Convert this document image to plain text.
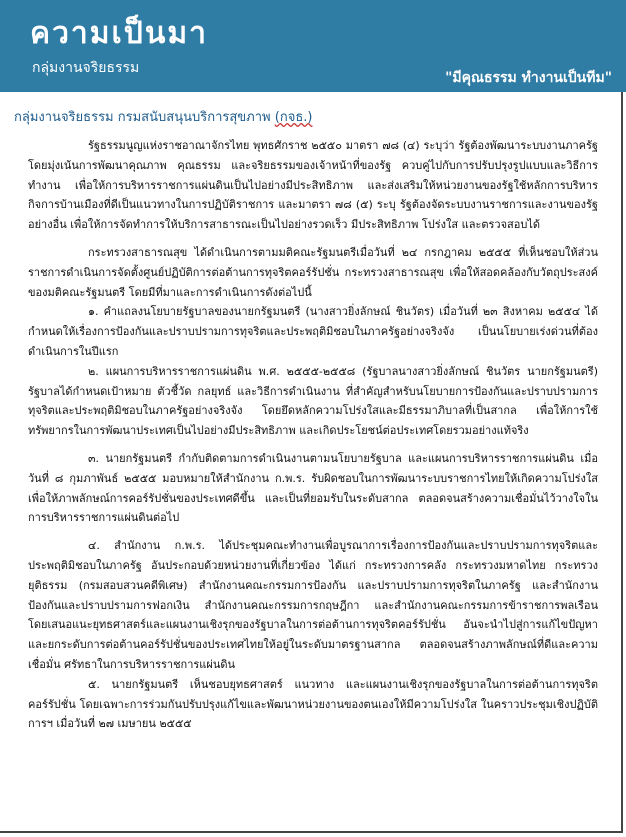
ความเป็นมา
กลุ่มงานจริยธรรม
"มีคุณธรรม ทำงานเป็นทีม"
กลุ่มงานจริยธรรม กรมสนับสนุนบริการสุขภาพ (กจธ.)

รัฐธรรมนูญแห่งราชอาณาจักรไทย พุทธศักราช ๒๕๕๐ มาตรา ๗๘ (๔) ระบุว่า รัฐต้องพัฒนาระบบงานภาครัฐ โดยมุ่งเน้นการพัฒนาคุณภาพ คุณธรรม และจริยธรรมของเจ้าหน้าที่ของรัฐ ควบคู่ไปกับการปรับปรุงรูปแบบและวิธีการทำงาน เพื่อให้การบริหารราชการแผ่นดินเป็นไปอย่างมีประสิทธิภาพ และส่งเสริมให้หน่วยงานของรัฐใช้หลักการบริหารกิจการบ้านเมืองที่ดีเป็นแนวทางในการปฏิบัติราชการ และมาตรา ๗๘ (๕) ระบุ รัฐต้องจัดระบบงานราชการและงานของรัฐอย่างอื่น เพื่อให้การจัดทำการให้บริการสาธารณะเป็นไปอย่างรวดเร็ว มีประสิทธิภาพ โปร่งใส และตรวจสอบได้

กระทรวงสาธารณสุข ได้ดำเนินการตามมติคณะรัฐมนตรีเมื่อวันที่ ๒๔ กรกฎาคม ๒๕๕๕ ที่เห็นชอบให้ส่วนราชการดำเนินการจัดตั้งศูนย์ปฏิบัติการต่อต้านการทุจริตคอร์รัปชั่น กระทรวงสาธารณสุข เพื่อให้สอดคล้องกับวัตถุประสงค์ของมติคณะรัฐมนตรี โดยมีที่มาและการดำเนินการดังต่อไปนี้

๑. คำแถลงนโยบายรัฐบาลของนายกรัฐมนตรี (นางสาวยิ่งลักษณ์ ชินวัตร) เมื่อวันที่ ๒๓ สิงหาคม ๒๕๕๔ ได้กำหนดให้เรื่องการป้องกันและปราบปรามการทุจริตและประพฤติมิชอบในภาครัฐอย่างจริงจัง เป็นนโยบายเร่งด่วนที่ต้องดำเนินการในปีแรก

๒. แผนการบริหารราชการแผ่นดิน พ.ศ. ๒๕๕๕-๒๕๕๘ (รัฐบาลนางสาวยิ่งลักษณ์ ชินวัตร นายกรัฐมนตรี) รัฐบาลได้กำหนดเป้าหมาย ตัวชี้วัด กลยุทธ์ และวิธีการดำเนินงาน ที่สำคัญสำหรับนโยบายการป้องกันและปราบปรามการทุจริตและประพฤติมิชอบในภาครัฐอย่างจริงจัง โดยยึดหลักความโปร่งใสและมีธรรมาภิบาลที่เป็นสากล เพื่อให้การใช้ทรัพยากรในการพัฒนาประเทศเป็นไปอย่างมีประสิทธิภาพ และเกิดประโยชน์ต่อประเทศโดยรวมอย่างแท้จริง

๓. นายกรัฐมนตรี กำกับติดตามการดำเนินงานตามนโยบายรัฐบาล และแผนการบริหารราชการแผ่นดิน เมื่อวันที่ ๘ กุมภาพันธ์ ๒๕๕๕ มอบหมายให้สำนักงาน ก.พ.ร. รับผิดชอบในการพัฒนาระบบราชการไทยให้เกิดความโปร่งใส เพื่อให้ภาพลักษณ์การคอร์รัปชั่นของประเทศดีขึ้น และเป็นที่ยอมรับในระดับสากล ตลอดจนสร้างความเชื่อมั่นไว้วางใจในการบริหารราชการแผ่นดินต่อไป

๔. สำนักงาน ก.พ.ร. ได้ประชุมคณะทำงานเพื่อบูรณาการเรื่องการป้องกันและปราบปรามการทุจริตและประพฤติมิชอบในภาครัฐ อันประกอบด้วยหน่วยงานที่เกี่ยวข้อง ได้แก่ กระทรวงการคลัง กระทรวงมหาดไทย กระทรวงยุติธรรม (กรมสอบสวนคดีพิเศษ) สำนักงานคณะกรรมการป้องกัน และปราบปรามการทุจริตในภาครัฐ และสำนักงานป้องกันและปราบปรามการฟอกเงิน สำนักงานคณะกรรมการกฤษฎีกา และสำนักงานคณะกรรมการข้าราชการพลเรือน โดยเสนอแนะยุทธศาสตร์และแผนงานเชิงรุกของรัฐบาลในการต่อต้านการทุจริตคอร์รัปชั่น อันจะนำไปสู่การแก้ไขปัญหาและยกระดับการต่อต้านคอร์รัปชั่นของประเทศไทยให้อยู่ในระดับมาตรฐานสากล ตลอดจนสร้างภาพลักษณ์ที่ดีและความเชื่อมั่น ศรัทธาในการบริหารราชการแผ่นดิน

๕. นายกรัฐมนตรี เห็นชอบยุทธศาสตร์ แนวทาง และแผนงานเชิงรุกของรัฐบาลในการต่อต้านการทุจริตคอร์รัปชั่น โดยเฉพาะการร่วมกันปรับปรุงแก้ไขและพัฒนาหน่วยงานของตนเองให้มีความโปร่งใส ในคราวประชุมเชิงปฏิบัติการฯ เมื่อวันที่ ๒๗ เมษายน ๒๕๕๕
